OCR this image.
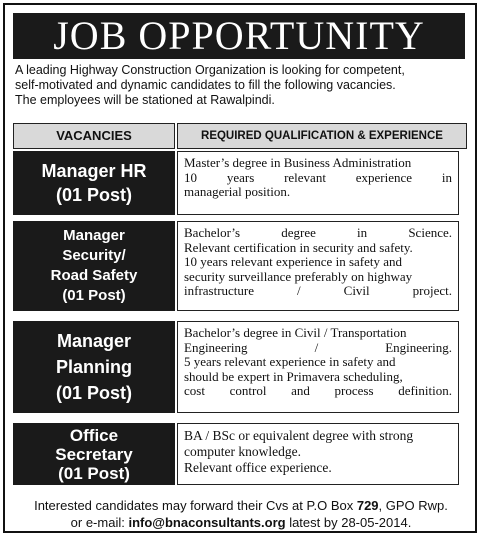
JOB OPPORTUNITY
A leading Highway Construction Organization is looking for competent,
self-motivated and dynamic candidates to fill the following vacancies.
The employees will be stationed at Rawalpindi.
VACANCIES	REQUIRED QUALIFICATION & EXPERIENCE
Manager HR
(01 Post)
Master’s degree in Business Administration
10 years relevant experience in
managerial position.
Manager
Security/
Road Safety
(01 Post)
Bachelor’s degree in Science.
Relevant certification in security and safety.
10 years relevant experience in safety and
security surveillance preferably on highway
infrastructure / Civil project.
Manager
Planning
(01 Post)
Bachelor’s degree in Civil / Transportation
Engineering / Engineering.
5 years relevant experience in safety and
should be expert in Primavera scheduling,
cost control and process definition.
Office
Secretary
(01 Post)
BA / BSc or equivalent degree with strong
computer knowledge.
Relevant office experience.
Interested candidates may forward their Cvs at P.O Box 729, GPO Rwp.
or e-mail: info@bnaconsultants.org latest by 28-05-2014.
